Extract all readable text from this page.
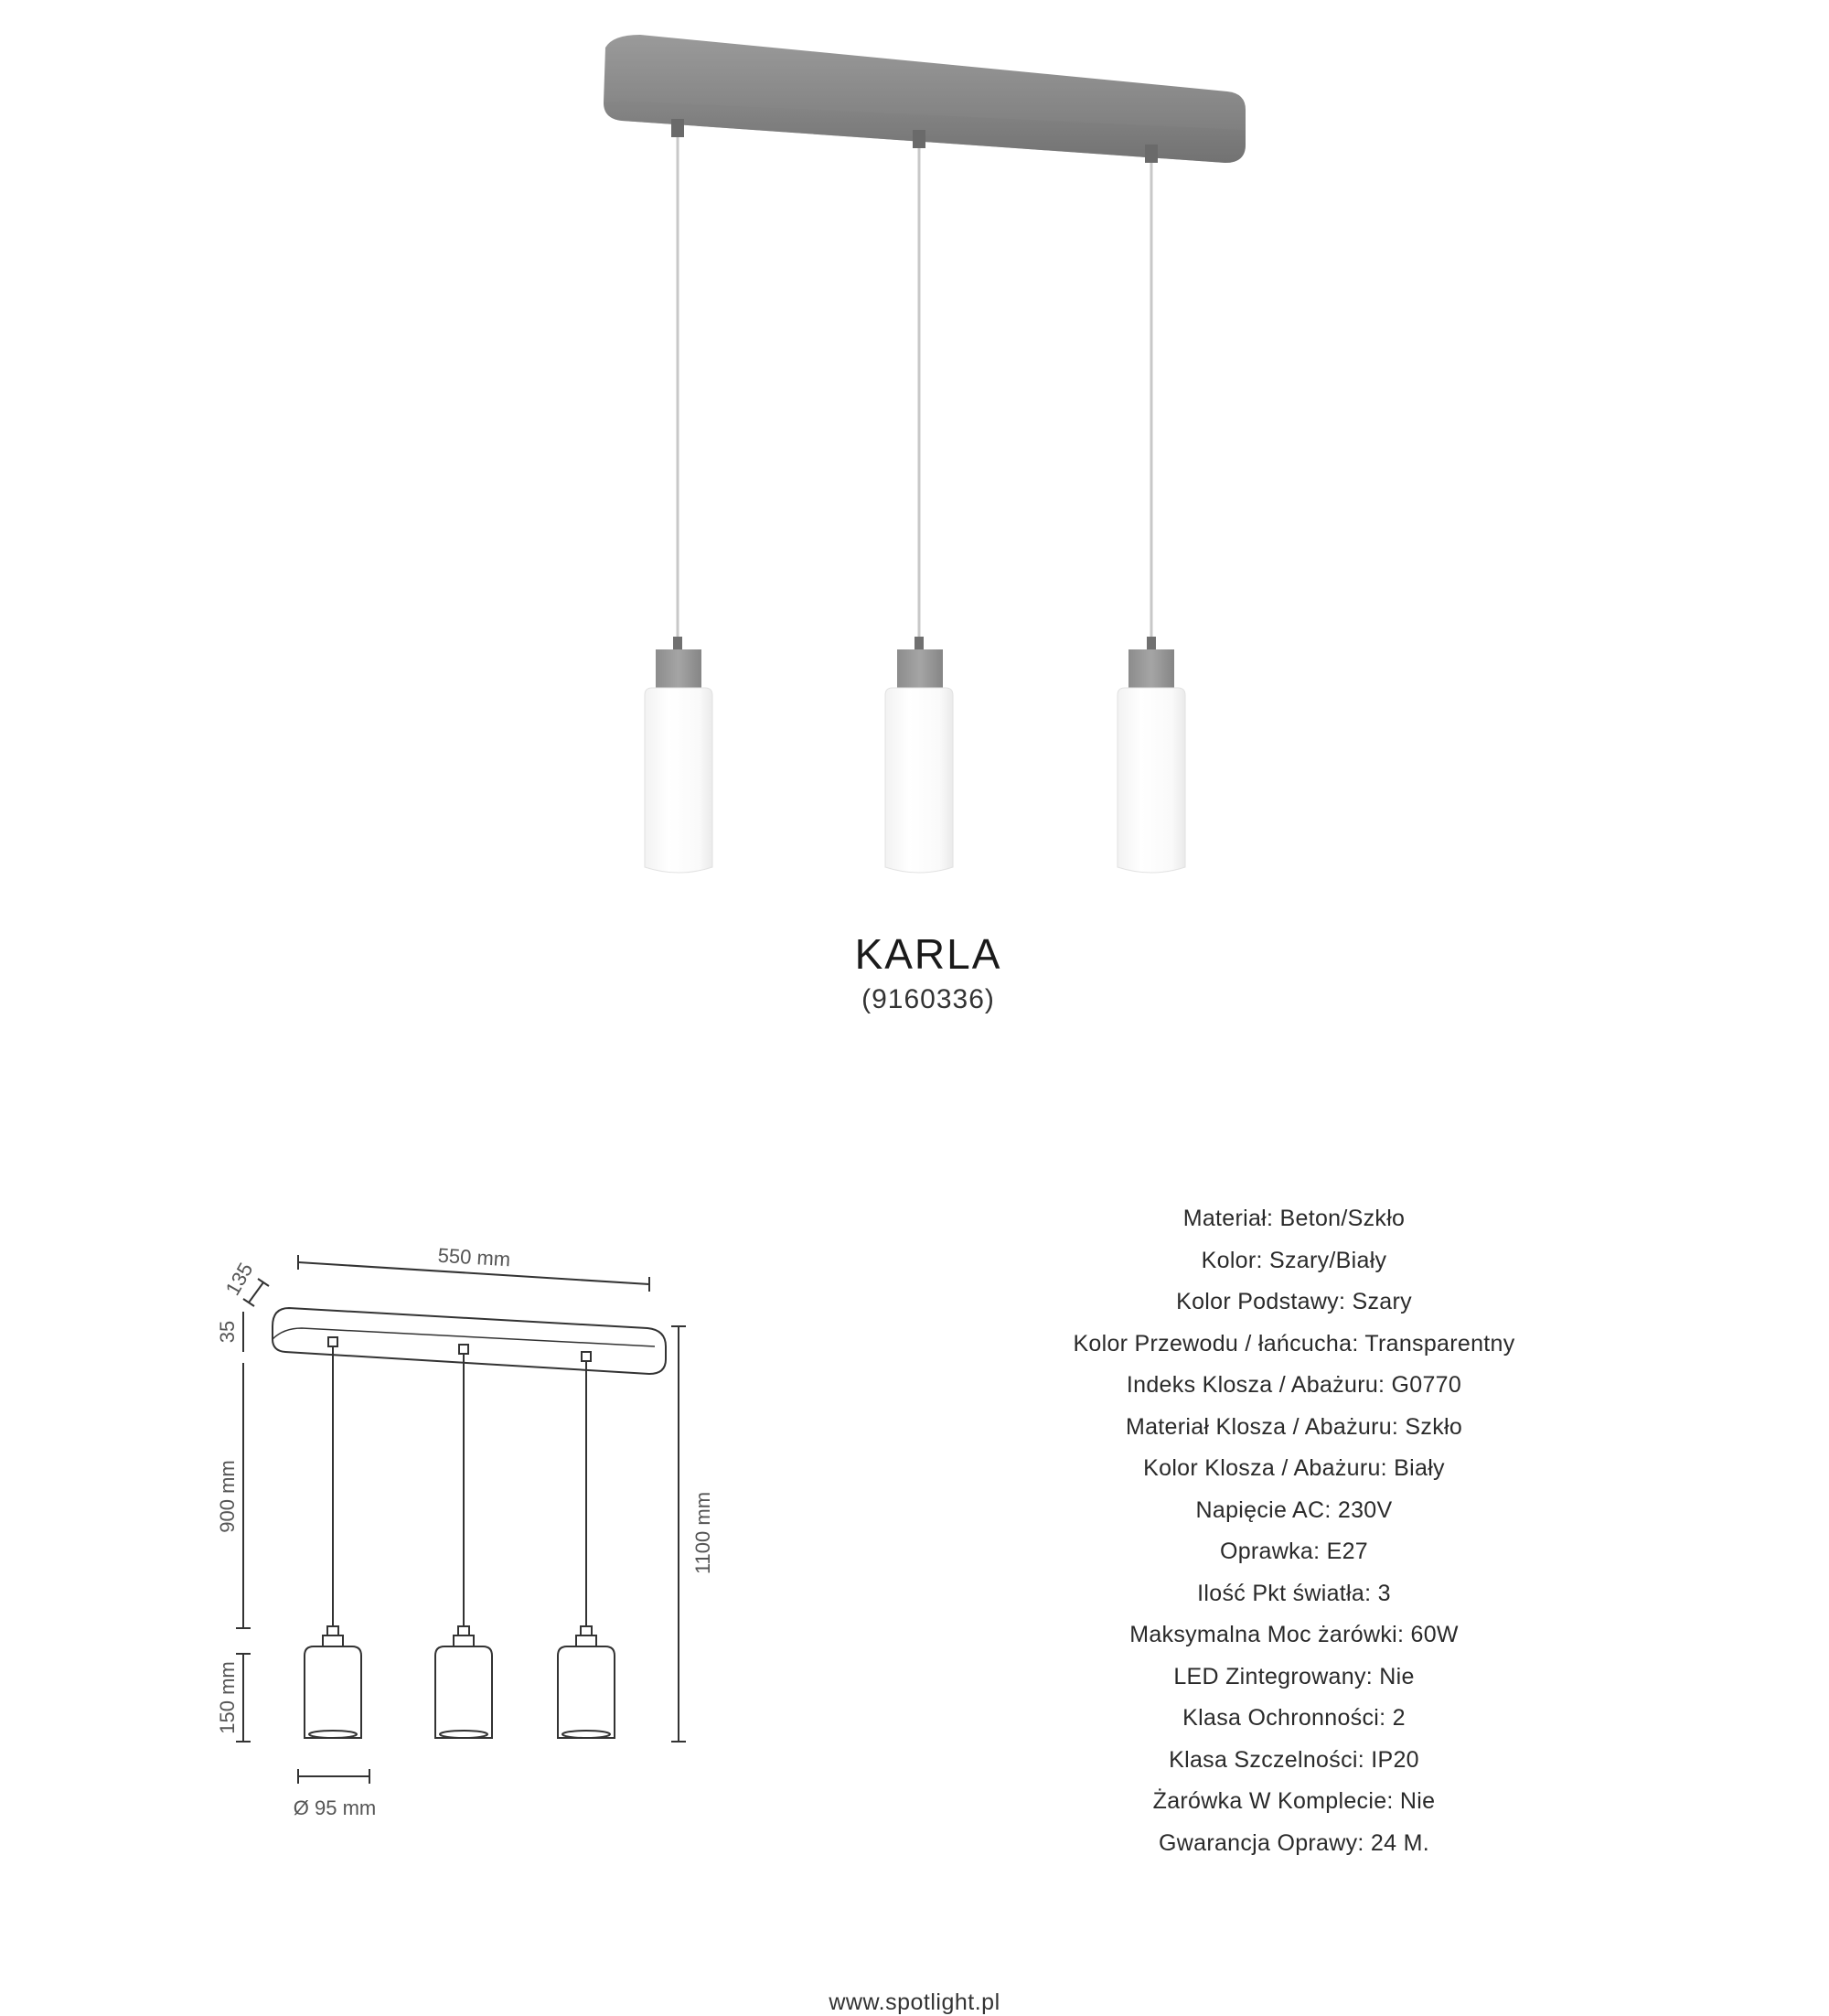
KARLA
(9160336)
550 mm
135
35
900 mm
150 mm
1100 mm
Ø 95 mm
Materiał: Beton/Szkło
Kolor: Szary/Biały
Kolor Podstawy: Szary
Kolor Przewodu / łańcucha: Transparentny
Indeks Klosza / Abażuru: G0770
Materiał Klosza / Abażuru: Szkło
Kolor Klosza / Abażuru: Biały
Napięcie AC: 230V
Oprawka: E27
Ilość Pkt światła: 3
Maksymalna Moc żarówki: 60W
LED Zintegrowany: Nie
Klasa Ochronności: 2
Klasa Szczelności: IP20
Żarówka W Komplecie: Nie
Gwarancja Oprawy: 24 M.
www.spotlight.pl
